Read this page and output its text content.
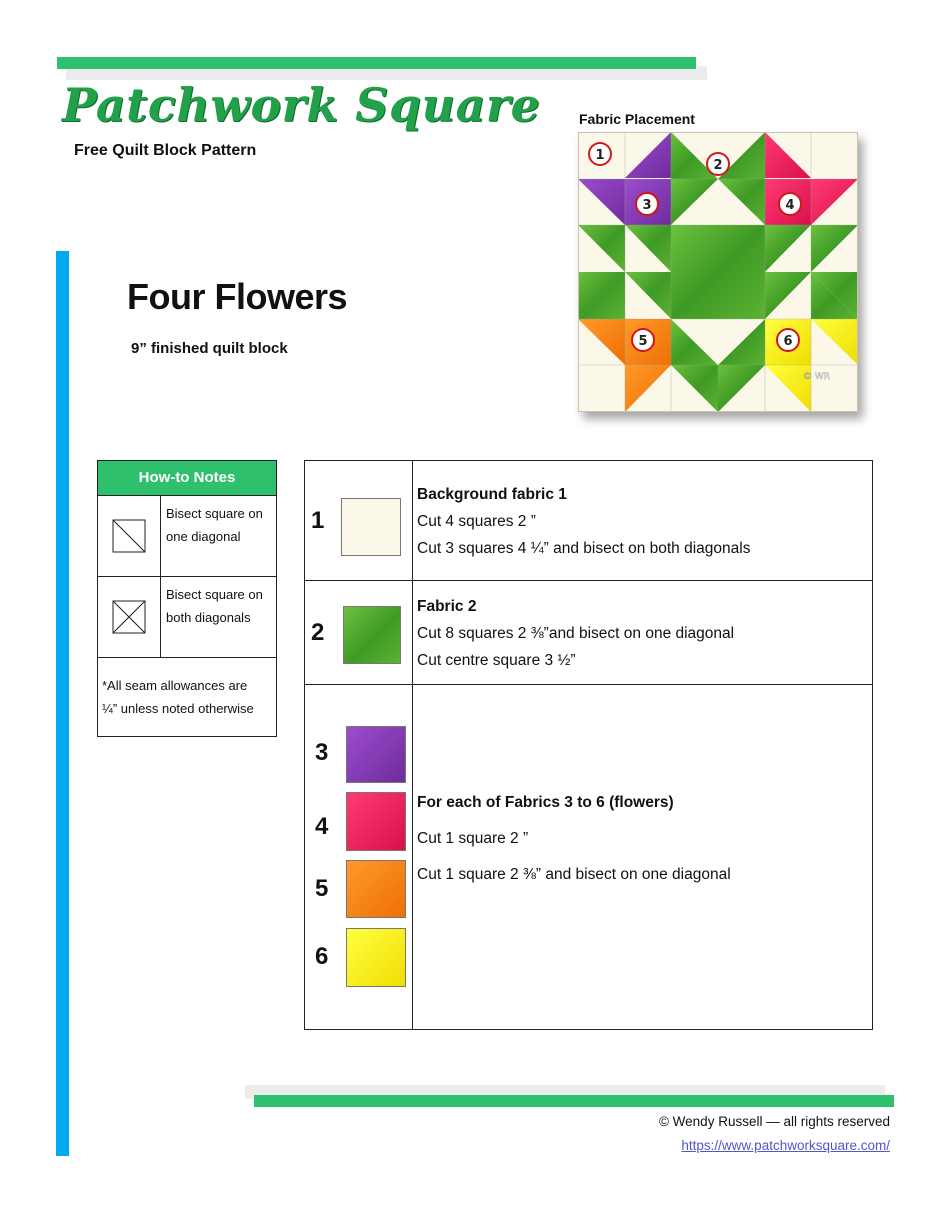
Patchwork Square
Free Quilt Block Pattern
Four Flowers
9” finished quilt block
Fabric Placement
1
2
3	4
5	6
© WR
How-to Notes
Bisect square on
one diagonal
Bisect square on
both diagonals
*All seam allowances are
¼” unless noted otherwise
1
Background fabric 1
Cut 4 squares 2 ”
Cut 3 squares 4 ¼” and bisect on both diagonals
2
Fabric 2
Cut 8 squares 2 ⅜”and bisect on one diagonal
Cut centre square 3 ½”
3
4
5
6
For each of Fabrics 3 to 6 (flowers)
Cut 1 square 2 ”
Cut 1 square 2 ⅜” and bisect on one diagonal
© Wendy Russell — all rights reserved
https://www.patchworksquare.com/
